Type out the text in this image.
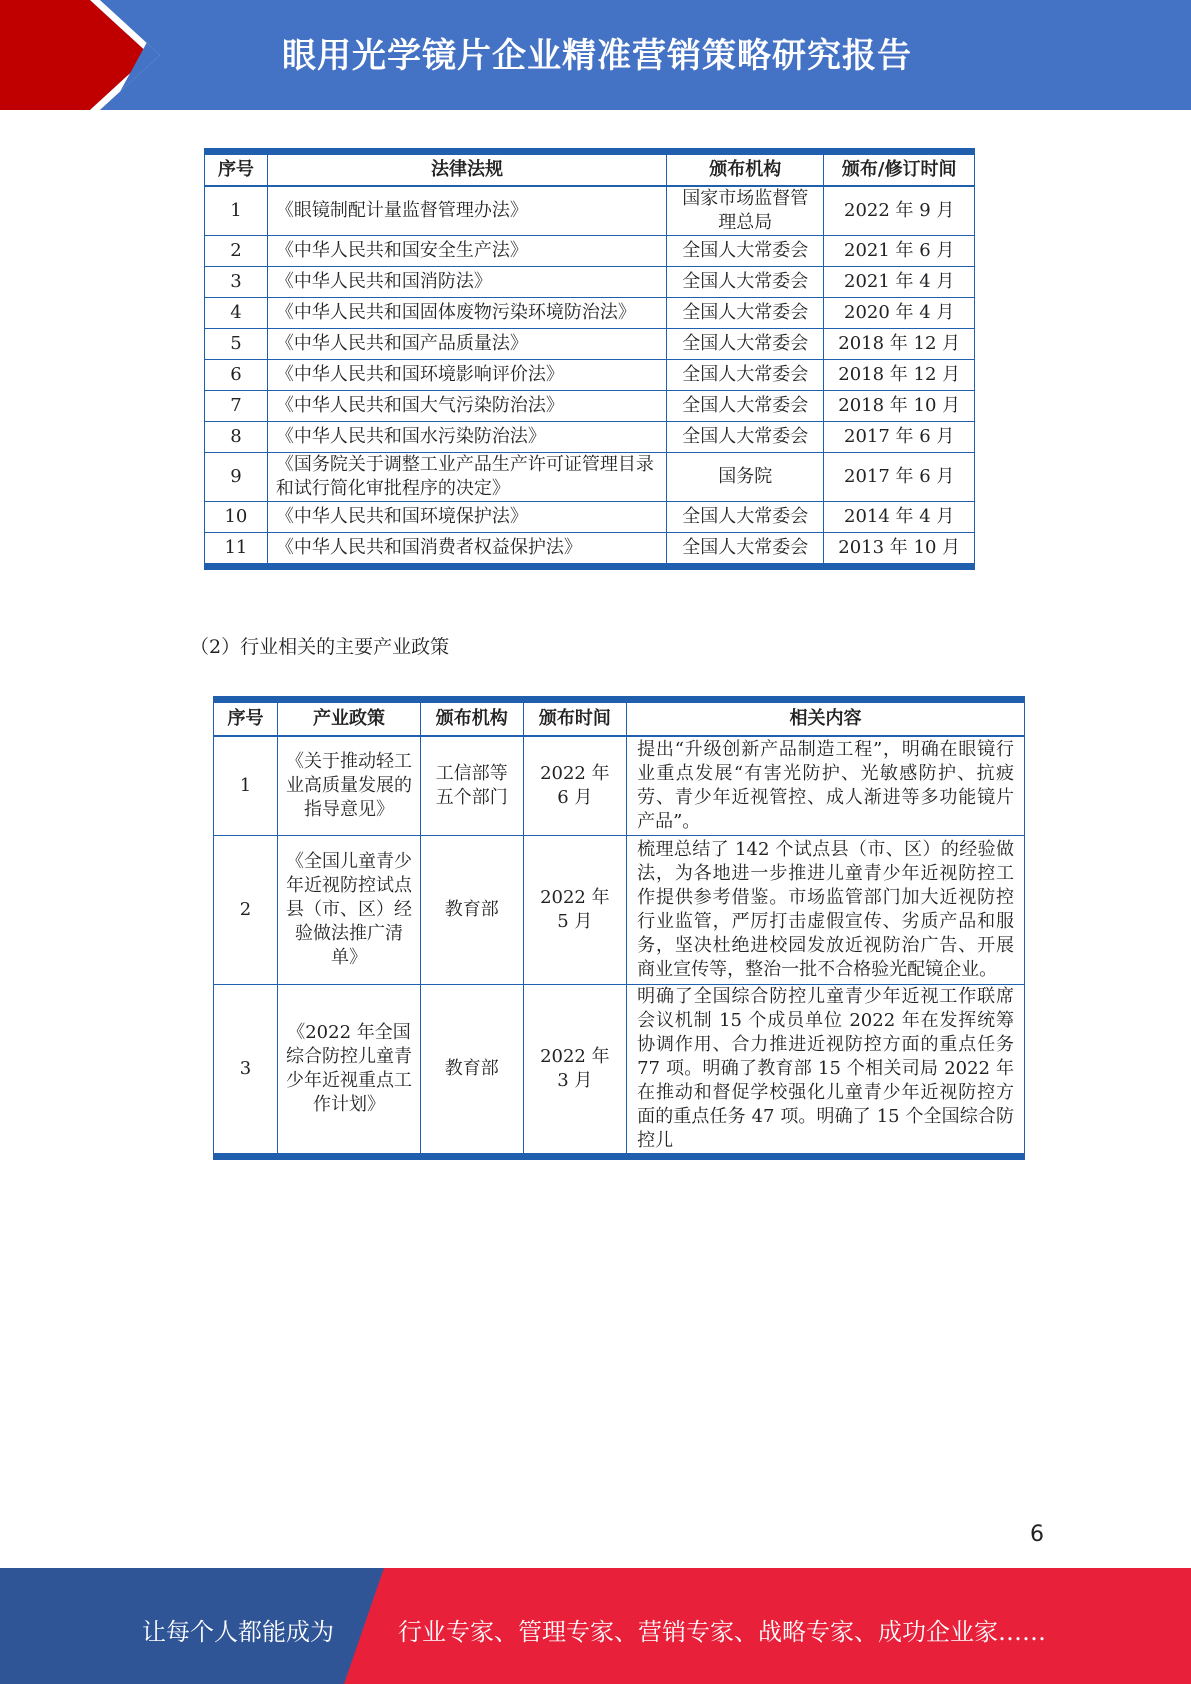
眼用光学镜片企业精准营销策略研究报告
序号	法律法规	颁布机构	颁布/修订时间
1	《眼镜制配计量监督管理办法》	国家市场监督管理总局	2022 年 9 月
2	《中华人民共和国安全生产法》	全国人大常委会	2021 年 6 月
3	《中华人民共和国消防法》	全国人大常委会	2021 年 4 月
4	《中华人民共和国固体废物污染环境防治法》	全国人大常委会	2020 年 4 月
5	《中华人民共和国产品质量法》	全国人大常委会	2018 年 12 月
6	《中华人民共和国环境影响评价法》	全国人大常委会	2018 年 12 月
7	《中华人民共和国大气污染防治法》	全国人大常委会	2018 年 10 月
8	《中华人民共和国水污染防治法》	全国人大常委会	2017 年 6 月
9	《国务院关于调整工业产品生产许可证管理目录和试行简化审批程序的决定》	国务院	2017 年 6 月
10	《中华人民共和国环境保护法》	全国人大常委会	2014 年 4 月
11	《中华人民共和国消费者权益保护法》	全国人大常委会	2013 年 10 月
（2）行业相关的主要产业政策
序号	产业政策	颁布机构	颁布时间	相关内容
1	《关于推动轻工业高质量发展的指导意见》	工信部等五个部门	2022 年 6 月	提出“升级创新产品制造工程”，明确在眼镜行业重点发展“有害光防护、光敏感防护、抗疲劳、青少年近视管控、成人渐进等多功能镜片产品”。
2	《全国儿童青少年近视防控试点县（市、区）经验做法推广清单》	教育部	2022 年 5 月	梳理总结了 142 个试点县（市、区）的经验做法，为各地进一步推进儿童青少年近视防控工作提供参考借鉴。市场监管部门加大近视防控行业监管，严厉打击虚假宣传、劣质产品和服务，坚决杜绝进校园发放近视防治广告、开展商业宣传等，整治一批不合格验光配镜企业。
3	《2022 年全国综合防控儿童青少年近视重点工作计划》	教育部	2022 年 3 月	明确了全国综合防控儿童青少年近视工作联席会议机制 15 个成员单位 2022 年在发挥统筹协调作用、合力推进近视防控方面的重点任务 77 项。明确了教育部 15 个相关司局 2022 年在推动和督促学校强化儿童青少年近视防控方面的重点任务 47 项。明确了 15 个全国综合防控儿
6
让每个人都能成为	行业专家、管理专家、营销专家、战略专家、成功企业家……
